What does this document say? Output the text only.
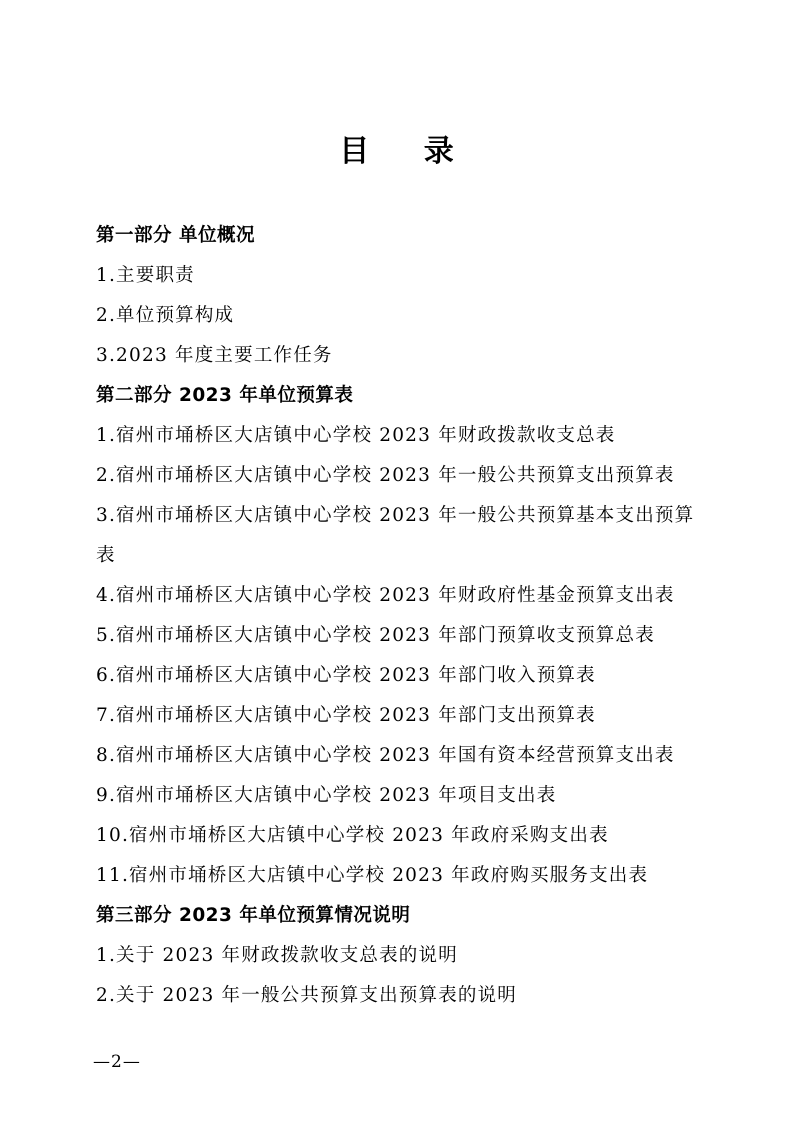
目 录
第一部分 单位概况
1.主要职责
2.单位预算构成
3.2023 年度主要工作任务
第二部分 2023 年单位预算表
1.宿州市埇桥区大店镇中心学校 2023 年财政拨款收支总表
2.宿州市埇桥区大店镇中心学校 2023 年一般公共预算支出预算表
3.宿州市埇桥区大店镇中心学校 2023 年一般公共预算基本支出预算表
4.宿州市埇桥区大店镇中心学校 2023 年财政府性基金预算支出表
5.宿州市埇桥区大店镇中心学校 2023 年部门预算收支预算总表
6.宿州市埇桥区大店镇中心学校 2023 年部门收入预算表
7.宿州市埇桥区大店镇中心学校 2023 年部门支出预算表
8.宿州市埇桥区大店镇中心学校 2023 年国有资本经营预算支出表
9.宿州市埇桥区大店镇中心学校 2023 年项目支出表
10.宿州市埇桥区大店镇中心学校 2023 年政府采购支出表
11.宿州市埇桥区大店镇中心学校 2023 年政府购买服务支出表
第三部分 2023 年单位预算情况说明
1.关于 2023 年财政拨款收支总表的说明
2.关于 2023 年一般公共预算支出预算表的说明
—2—
